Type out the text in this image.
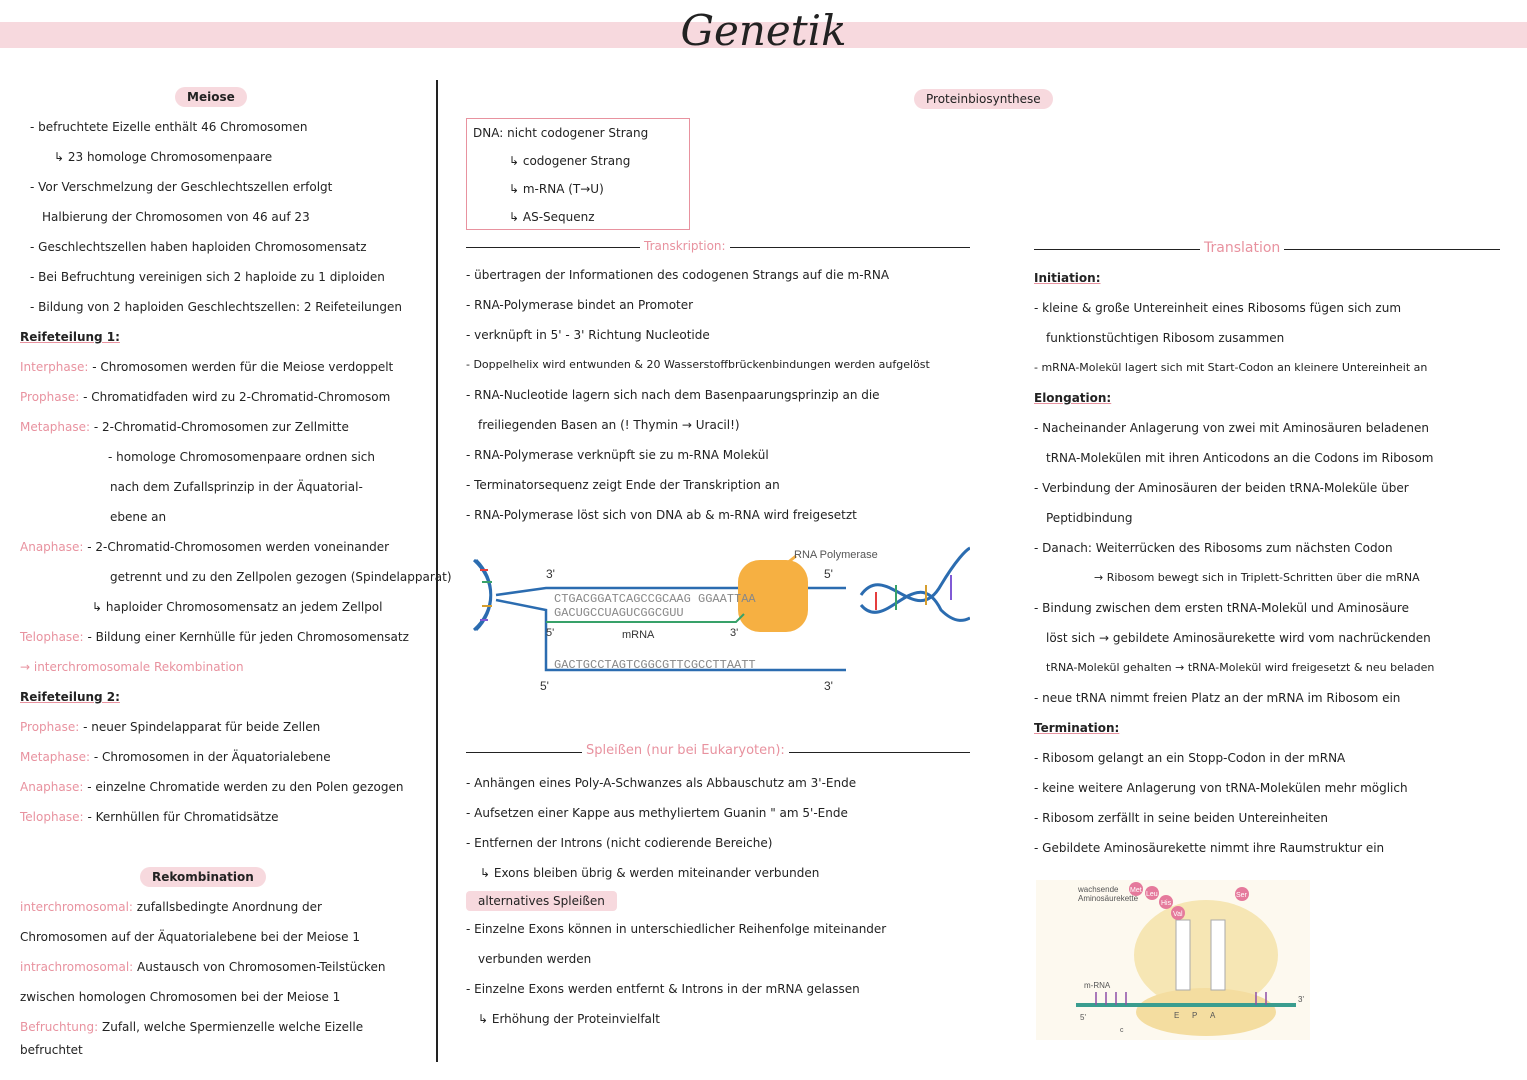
Genetik
Meiose
- befruchtete Eizelle enthält 46 Chromosomen
↳ 23 homologe Chromosomenpaare
- Vor Verschmelzung der Geschlechtszellen erfolgt
Halbierung der Chromosomen von 46 auf 23
- Geschlechtszellen haben haploiden Chromosomensatz
- Bei Befruchtung vereinigen sich 2 haploide zu 1 diploiden
- Bildung von 2 haploiden Geschlechtszellen: 2 Reifeteilungen
Reifeteilung 1:
Interphase: - Chromosomen werden für die Meiose verdoppelt
Prophase: - Chromatidfaden wird zu 2-Chromatid-Chromosom
Metaphase: - 2-Chromatid-Chromosomen zur Zellmitte
- homologe Chromosomenpaare ordnen sich
nach dem Zufallsprinzip in der Äquatorial-
ebene an
Anaphase: - 2-Chromatid-Chromosomen werden voneinander
getrennt und zu den Zellpolen gezogen (Spindelapparat)
↳ haploider Chromosomensatz an jedem Zellpol
Telophase: - Bildung einer Kernhülle für jeden Chromosomensatz
→ interchromosomale Rekombination
Reifeteilung 2:
Prophase: - neuer Spindelapparat für beide Zellen
Metaphase: - Chromosomen in der Äquatorialebene
Anaphase: - einzelne Chromatide werden zu den Polen gezogen
Telophase: - Kernhüllen für Chromatidsätze
Rekombination
interchromosomal: zufallsbedingte Anordnung der
Chromosomen auf der Äquatorialebene bei der Meiose 1
intrachromosomal: Austausch von Chromosomen-Teilstücken
zwischen homologen Chromosomen bei der Meiose 1
Befruchtung: Zufall, welche Spermienzelle welche Eizelle
befruchtet
Proteinbiosynthese
DNA: nicht codogener Strang
↳ codogener Strang
↳ m-RNA (T→U)
↳ AS-Sequenz
Transkription:
- übertragen der Informationen des codogenen Strangs auf die m-RNA
- RNA-Polymerase bindet an Promoter
- verknüpft in 5' - 3' Richtung Nucleotide
- Doppelhelix wird entwunden & 20 Wasserstoffbrückenbindungen werden aufgelöst
- RNA-Nucleotide lagern sich nach dem Basenpaarungsprinzip an die
freiliegenden Basen an (! Thymin → Uracil!)
- RNA-Polymerase verknüpft sie zu m-RNA Molekül
- Terminatorsequenz zeigt Ende der Transkription an
- RNA-Polymerase löst sich von DNA ab & m-RNA wird freigesetzt
RNA Polymerase
3'	5'
CTGACGGATCAGCCGCAAG GGAATTAA
GACUGCCUAGUCGGCGUU
5'	mRNA	3'
GACTGCCTAGTCGGCGTTCGCCTTAATT
5'	3'
Spleißen (nur bei Eukaryoten):
- Anhängen eines Poly-A-Schwanzes als Abbauschutz am 3'-Ende
- Aufsetzen einer Kappe aus methyliertem Guanin " am 5'-Ende
- Entfernen der Introns (nicht codierende Bereiche)
↳ Exons bleiben übrig & werden miteinander verbunden
alternatives Spleißen
- Einzelne Exons können in unterschiedlicher Reihenfolge miteinander
verbunden werden
- Einzelne Exons werden entfernt & Introns in der mRNA gelassen
↳ Erhöhung der Proteinvielfalt
Translation
Initiation:
- kleine & große Untereinheit eines Ribosoms fügen sich zum
funktionstüchtigen Ribosom zusammen
- mRNA-Molekül lagert sich mit Start-Codon an kleinere Untereinheit an
Elongation:
- Nacheinander Anlagerung von zwei mit Aminosäuren beladenen
tRNA-Molekülen mit ihren Anticodons an die Codons im Ribosom
- Verbindung der Aminosäuren der beiden tRNA-Moleküle über
Peptidbindung
- Danach: Weiterrücken des Ribosoms zum nächsten Codon
→ Ribosom bewegt sich in Triplett-Schritten über die mRNA
- Bindung zwischen dem ersten tRNA-Molekül und Aminosäure
löst sich → gebildete Aminosäurekette wird vom nachrückenden
tRNA-Molekül gehalten → tRNA-Molekül wird freigesetzt & neu beladen
- neue tRNA nimmt freien Platz an der mRNA im Ribosom ein
Termination:
- Ribosom gelangt an ein Stopp-Codon in der mRNA
- keine weitere Anlagerung von tRNA-Molekülen mehr möglich
- Ribosom zerfällt in seine beiden Untereinheiten
- Gebildete Aminosäurekette nimmt ihre Raumstruktur ein
Met
Leu
His
Val
Ser
wachsende
Aminosäurekette
m-RNA
5'
3'
E P A
c
